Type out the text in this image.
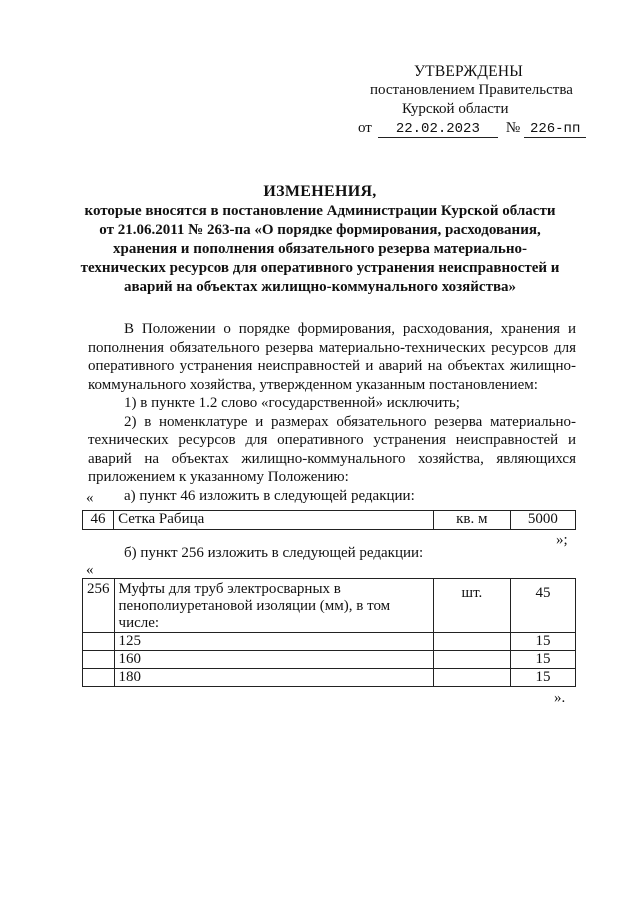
УТВЕРЖДЕНЫ
постановлением Правительства
Курской области
от	22.02.2023	№ 226-пп
ИЗМЕНЕНИЯ,
которые вносятся в постановление Администрации Курской области
от 21.06.2011 № 263-па «О порядке формирования, расходования,
хранения и пополнения обязательного резерва материально-
технических ресурсов для оперативного устранения неисправностей и
аварий на объектах жилищно-коммунального хозяйства»

В Положении о порядке формирования, расходования, хранения и пополнения обязательного резерва материально-технических ресурсов для оперативного устранения неисправностей и аварий на объектах жилищно-коммунального хозяйства, утвержденном указанным постановлением:

1) в пункте 1.2 слово «государственной» исключить;

2) в номенклатуре и размерах обязательного резерва материально-технических ресурсов для оперативного устранения неисправностей и аварий на объектах жилищно-коммунального хозяйства, являющихся приложением к указанному Положению:

а) пункт 46 изложить в следующей редакции:

«
46	Сетка Рабица	кв. м	5000
»;
б) пункт 256 изложить в следующей редакции:
«
256	Муфты для труб электросварных в пенополиуретановой изоляции (мм), в том числе:	шт.	45
	125		15
	160		15
	180		15
».
